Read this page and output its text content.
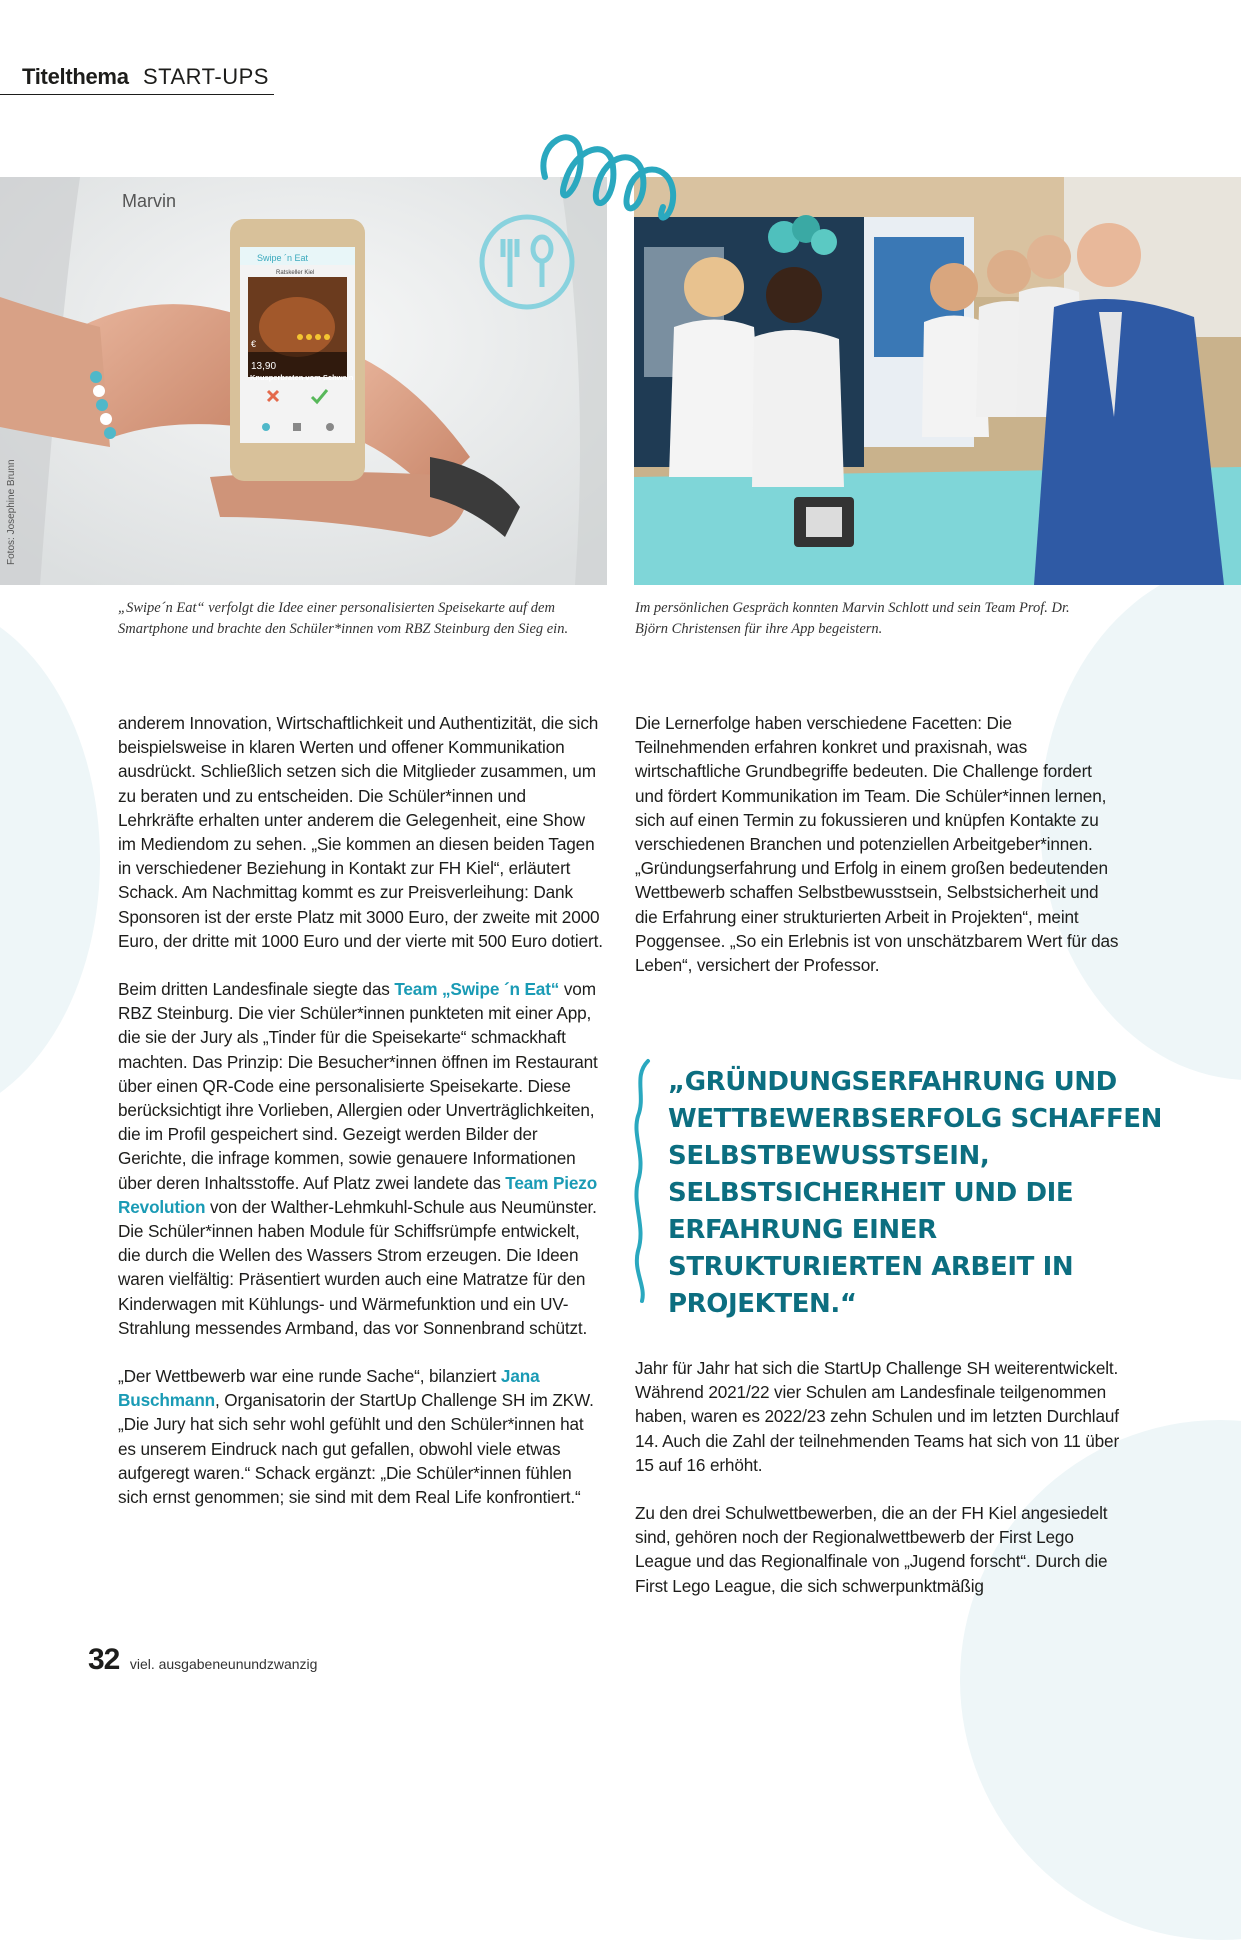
Titelthema START-UPS
Marvin
Swipe ´n Eat
Ratskeller Kiel
13,90
€
Knusperbraten vom Schwein
Fotos: Josephine Brunn
„Swipe´n Eat“ verfolgt die Idee einer personalisierten Speisekarte auf dem Smartphone und brachte den Schüler*innen vom RBZ Steinburg den Sieg ein.
Im persönlichen Gespräch konnten Marvin Schlott und sein Team Prof. Dr. Björn Christensen für ihre App begeistern.

anderem Innovation, Wirtschaftlichkeit und Authentizität, die sich beispielsweise in klaren Werten und offener Kommunikation ausdrückt. Schließlich setzen sich die Mitglieder zusammen, um zu beraten und zu entscheiden. Die Schüler*innen und Lehrkräfte erhalten unter anderem die Gelegenheit, eine Show im Mediendom zu sehen. „Sie kommen an diesen beiden Tagen in verschiedener Beziehung in Kontakt zur FH Kiel“, erläutert Schack. Am Nachmittag kommt es zur Preisverleihung: Dank Sponsoren ist der erste Platz mit 3000 Euro, der zweite mit 2000 Euro, der dritte mit 1000 Euro und der vierte mit 500 Euro dotiert.

Beim dritten Landesfinale siegte das Team „Swipe ´n Eat“ vom RBZ Steinburg. Die vier Schüler*innen punkteten mit einer App, die sie der Jury als „Tinder für die Speisekarte“ schmackhaft machten. Das Prinzip: Die Besucher*innen öffnen im Restaurant über einen QR-Code eine personalisierte Speisekarte. Diese berücksichtigt ihre Vorlieben, Allergien oder Unverträglichkeiten, die im Profil gespeichert sind. Gezeigt werden Bilder der Gerichte, die infrage kommen, sowie genauere Informationen über deren Inhaltsstoffe. Auf Platz zwei landete das Team Piezo Revolution von der Walther-Lehmkuhl-Schule aus Neumünster. Die Schüler*innen haben Module für Schiffsrümpfe entwickelt, die durch die Wellen des Wassers Strom erzeugen. Die Ideen waren vielfältig: Präsentiert wurden auch eine Matratze für den Kinderwagen mit Kühlungs- und Wärmefunktion und ein UV-Strahlung messendes Armband, das vor Sonnenbrand schützt.

„Der Wettbewerb war eine runde Sache“, bilanziert Jana Buschmann, Organisatorin der StartUp Challenge SH im ZKW. „Die Jury hat sich sehr wohl gefühlt und den Schüler*innen hat es unserem Eindruck nach gut gefallen, obwohl viele etwas aufgeregt waren.“ Schack ergänzt: „Die Schüler*innen fühlen sich ernst genommen; sie sind mit dem Real Life konfrontiert.“

Die Lernerfolge haben verschiedene Facetten: Die Teilnehmenden erfahren konkret und praxisnah, was wirtschaftliche Grundbegriffe bedeuten. Die Challenge fordert und fördert Kommunikation im Team. Die Schüler*innen lernen, sich auf einen Termin zu fokussieren und knüpfen Kontakte zu verschiedenen Branchen und potenziellen Arbeitgeber*innen. „Gründungserfahrung und Erfolg in einem großen bedeutenden Wettbewerb schaffen Selbstbewusstsein, Selbstsicherheit und die Erfahrung einer strukturierten Arbeit in Projekten“, meint Poggensee. „So ein Erlebnis ist von unschätzbarem Wert für das Leben“, versichert der Professor.

„GRÜNDUNGSERFAHRUNG UND WETTBEWERBSERFOLG SCHAFFEN SELBSTBEWUSSTSEIN, SELBSTSICHERHEIT UND DIE ERFAHRUNG EINER STRUKTURIERTEN ARBEIT IN PROJEKTEN.“

Jahr für Jahr hat sich die StartUp Challenge SH weiterentwickelt. Während 2021/22 vier Schulen am Landesfinale teilgenommen haben, waren es 2022/23 zehn Schulen und im letzten Durchlauf 14. Auch die Zahl der teilnehmenden Teams hat sich von 11 über 15 auf 16 erhöht.

Zu den drei Schulwettbewerben, die an der FH Kiel angesiedelt sind, gehören noch der Regionalwettbewerb der First Lego League und das Regionalfinale von „Jugend forscht“. Durch die First Lego League, die sich schwerpunktmäßig

32 viel. ausgabeneunundzwanzig
